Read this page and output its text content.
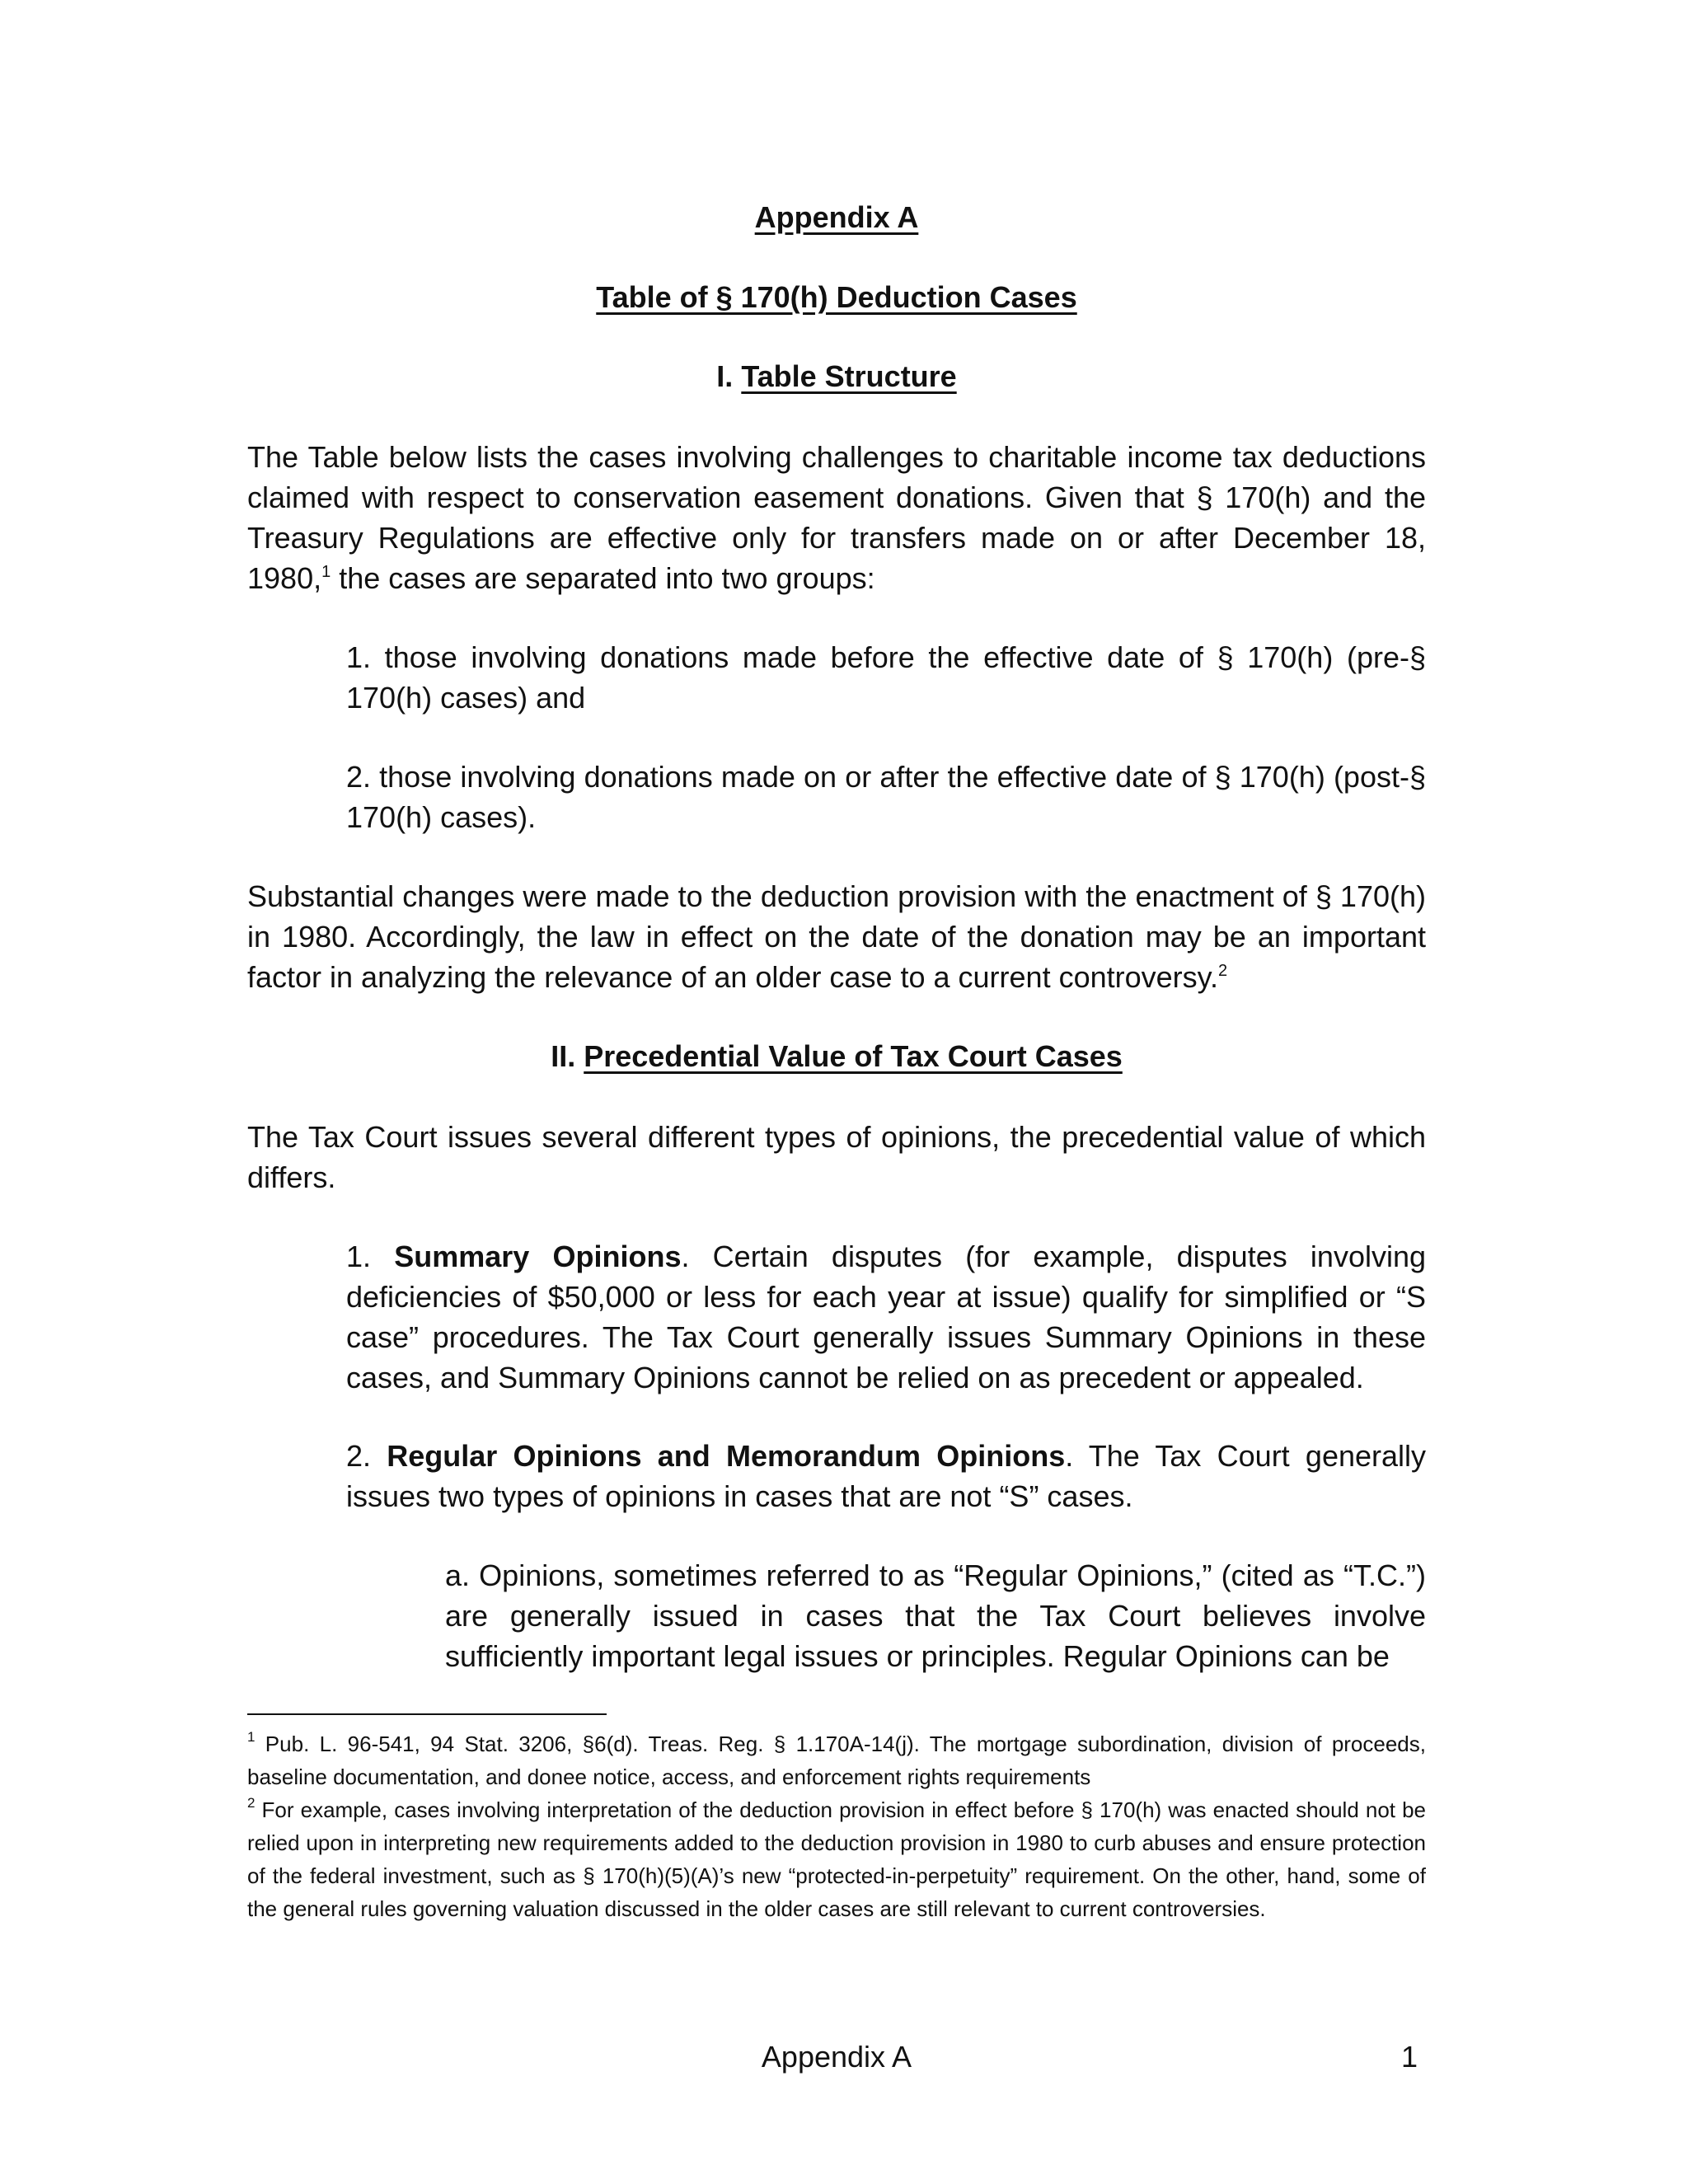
Appendix A
Table of § 170(h) Deduction Cases
I. Table Structure

The Table below lists the cases involving challenges to charitable income tax deductions claimed with respect to conservation easement donations. Given that § 170(h) and the Treasury Regulations are effective only for transfers made on or after December 18, 1980,$^1$ the cases are separated into two groups:

1. those involving donations made before the effective date of § 170(h) (pre-§ 170(h) cases) and

2. those involving donations made on or after the effective date of § 170(h) (post-§ 170(h) cases).

Substantial changes were made to the deduction provision with the enactment of § 170(h) in 1980. Accordingly, the law in effect on the date of the donation may be an important factor in analyzing the relevance of an older case to a current controversy.$^2$

II. Precedential Value of Tax Court Cases

The Tax Court issues several different types of opinions, the precedential value of which differs.

1. Summary Opinions. Certain disputes (for example, disputes involving deficiencies of $50,000 or less for each year at issue) qualify for simplified or “S case” procedures. The Tax Court generally issues Summary Opinions in these cases, and Summary Opinions cannot be relied on as precedent or appealed.

2. Regular Opinions and Memorandum Opinions. The Tax Court generally issues two types of opinions in cases that are not “S” cases.

a. Opinions, sometimes referred to as “Regular Opinions,” (cited as “T.C.”) are generally issued in cases that the Tax Court believes involve sufficiently important legal issues or principles. Regular Opinions can be

$^1$ Pub. L. 96-541, 94 Stat. 3206, §6(d). Treas. Reg. § 1.170A-14(j). The mortgage subordination, division of proceeds, baseline documentation, and donee notice, access, and enforcement rights requirements

$^2$ For example, cases involving interpretation of the deduction provision in effect before § 170(h) was enacted should not be relied upon in interpreting new requirements added to the deduction provision in 1980 to curb abuses and ensure protection of the federal investment, such as § 170(h)(5)(A)’s new “protected-in-perpetuity” requirement. On the other, hand, some of the general rules governing valuation discussed in the older cases are still relevant to current controversies.

Appendix A	1
